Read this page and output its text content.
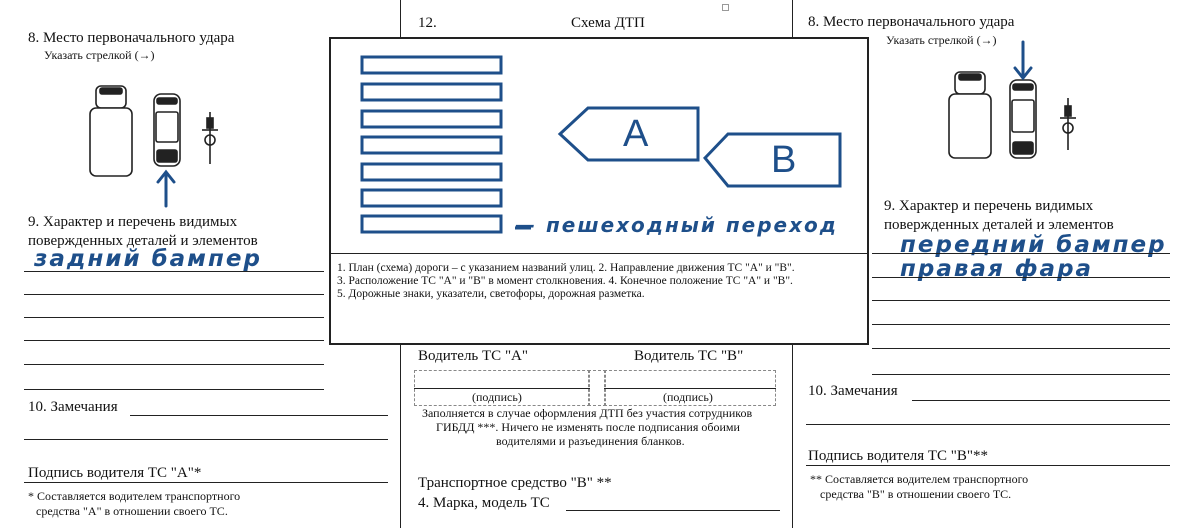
8. Место первоначального удара
Указать стрелкой (→)
9. Характер и перечень видимых
повержденных деталей и элементов
задний бампер
10. Замечания
Подпись водителя ТС "А"*
* Составляется водителем транспортного
средства "А" в отношении своего ТС.
12.	Схема ДТП
A
B
— пешеходный переход
1. План (схема) дороги – с указанием названий улиц. 2. Направление движения ТС "А" и "В".
3. Расположение ТС "А" и "В" в момент столкновения. 4. Конечное положение ТС "А" и "В".
5. Дорожные знаки, указатели, светофоры, дорожная разметка.
Водитель ТС "А"	Водитель ТС "В"
(подпись)	(подпись)
Заполняется в случае оформления ДТП без участия сотрудников
ГИБДД ***. Ничего не изменять после подписания обоими
водителями и разъединения бланков.
Транспортное средство "В" **
4. Марка, модель ТС
8. Место первоначального удара
Указать стрелкой (→)
9. Характер и перечень видимых
повержденных деталей и элементов
передний бампер
правая фара
10. Замечания
Подпись водителя ТС "В"**
** Составляется водителем транспортного
средства "В" в отношении своего ТС.
